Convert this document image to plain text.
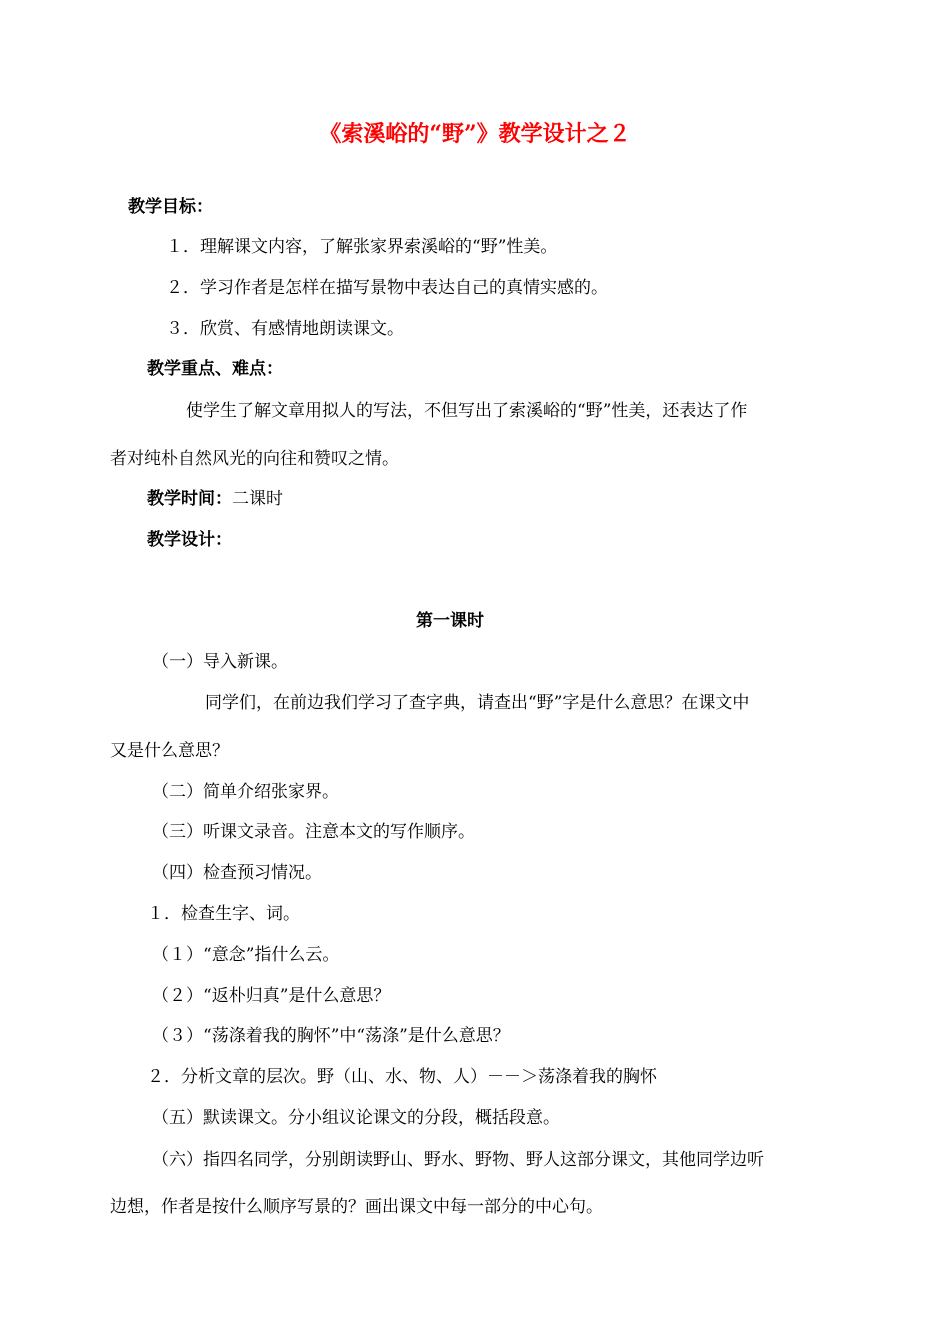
《索溪峪的“野”》教学设计之２

教学目标：

１．理解课文内容，了解张家界索溪峪的“野”性美。

２．学习作者是怎样在描写景物中表达自己的真情实感的。

３．欣赏、有感情地朗读课文。

教学重点、难点：

使学生了解文章用拟人的写法，不但写出了索溪峪的“野”性美，还表达了作

者对纯朴自然风光的向往和赞叹之情。

教学时间：二课时

教学设计：

第一课时

（一）导入新课。

同学们，在前边我们学习了查字典，请查出“野”字是什么意思？在课文中

又是什么意思？

（二）简单介绍张家界。

（三）听课文录音。注意本文的写作顺序。

（四）检查预习情况。

１．检查生字、词。

（１）“意念”指什么云。

（２）“返朴归真”是什么意思？

（３）“荡涤着我的胸怀”中“荡涤”是什么意思？

２．分析文章的层次。野（山、水、物、人）－－＞荡涤着我的胸怀

（五）默读课文。分小组议论课文的分段，概括段意。

（六）指四名同学，分别朗读野山、野水、野物、野人这部分课文，其他同学边听

边想，作者是按什么顺序写景的？画出课文中每一部分的中心句。
